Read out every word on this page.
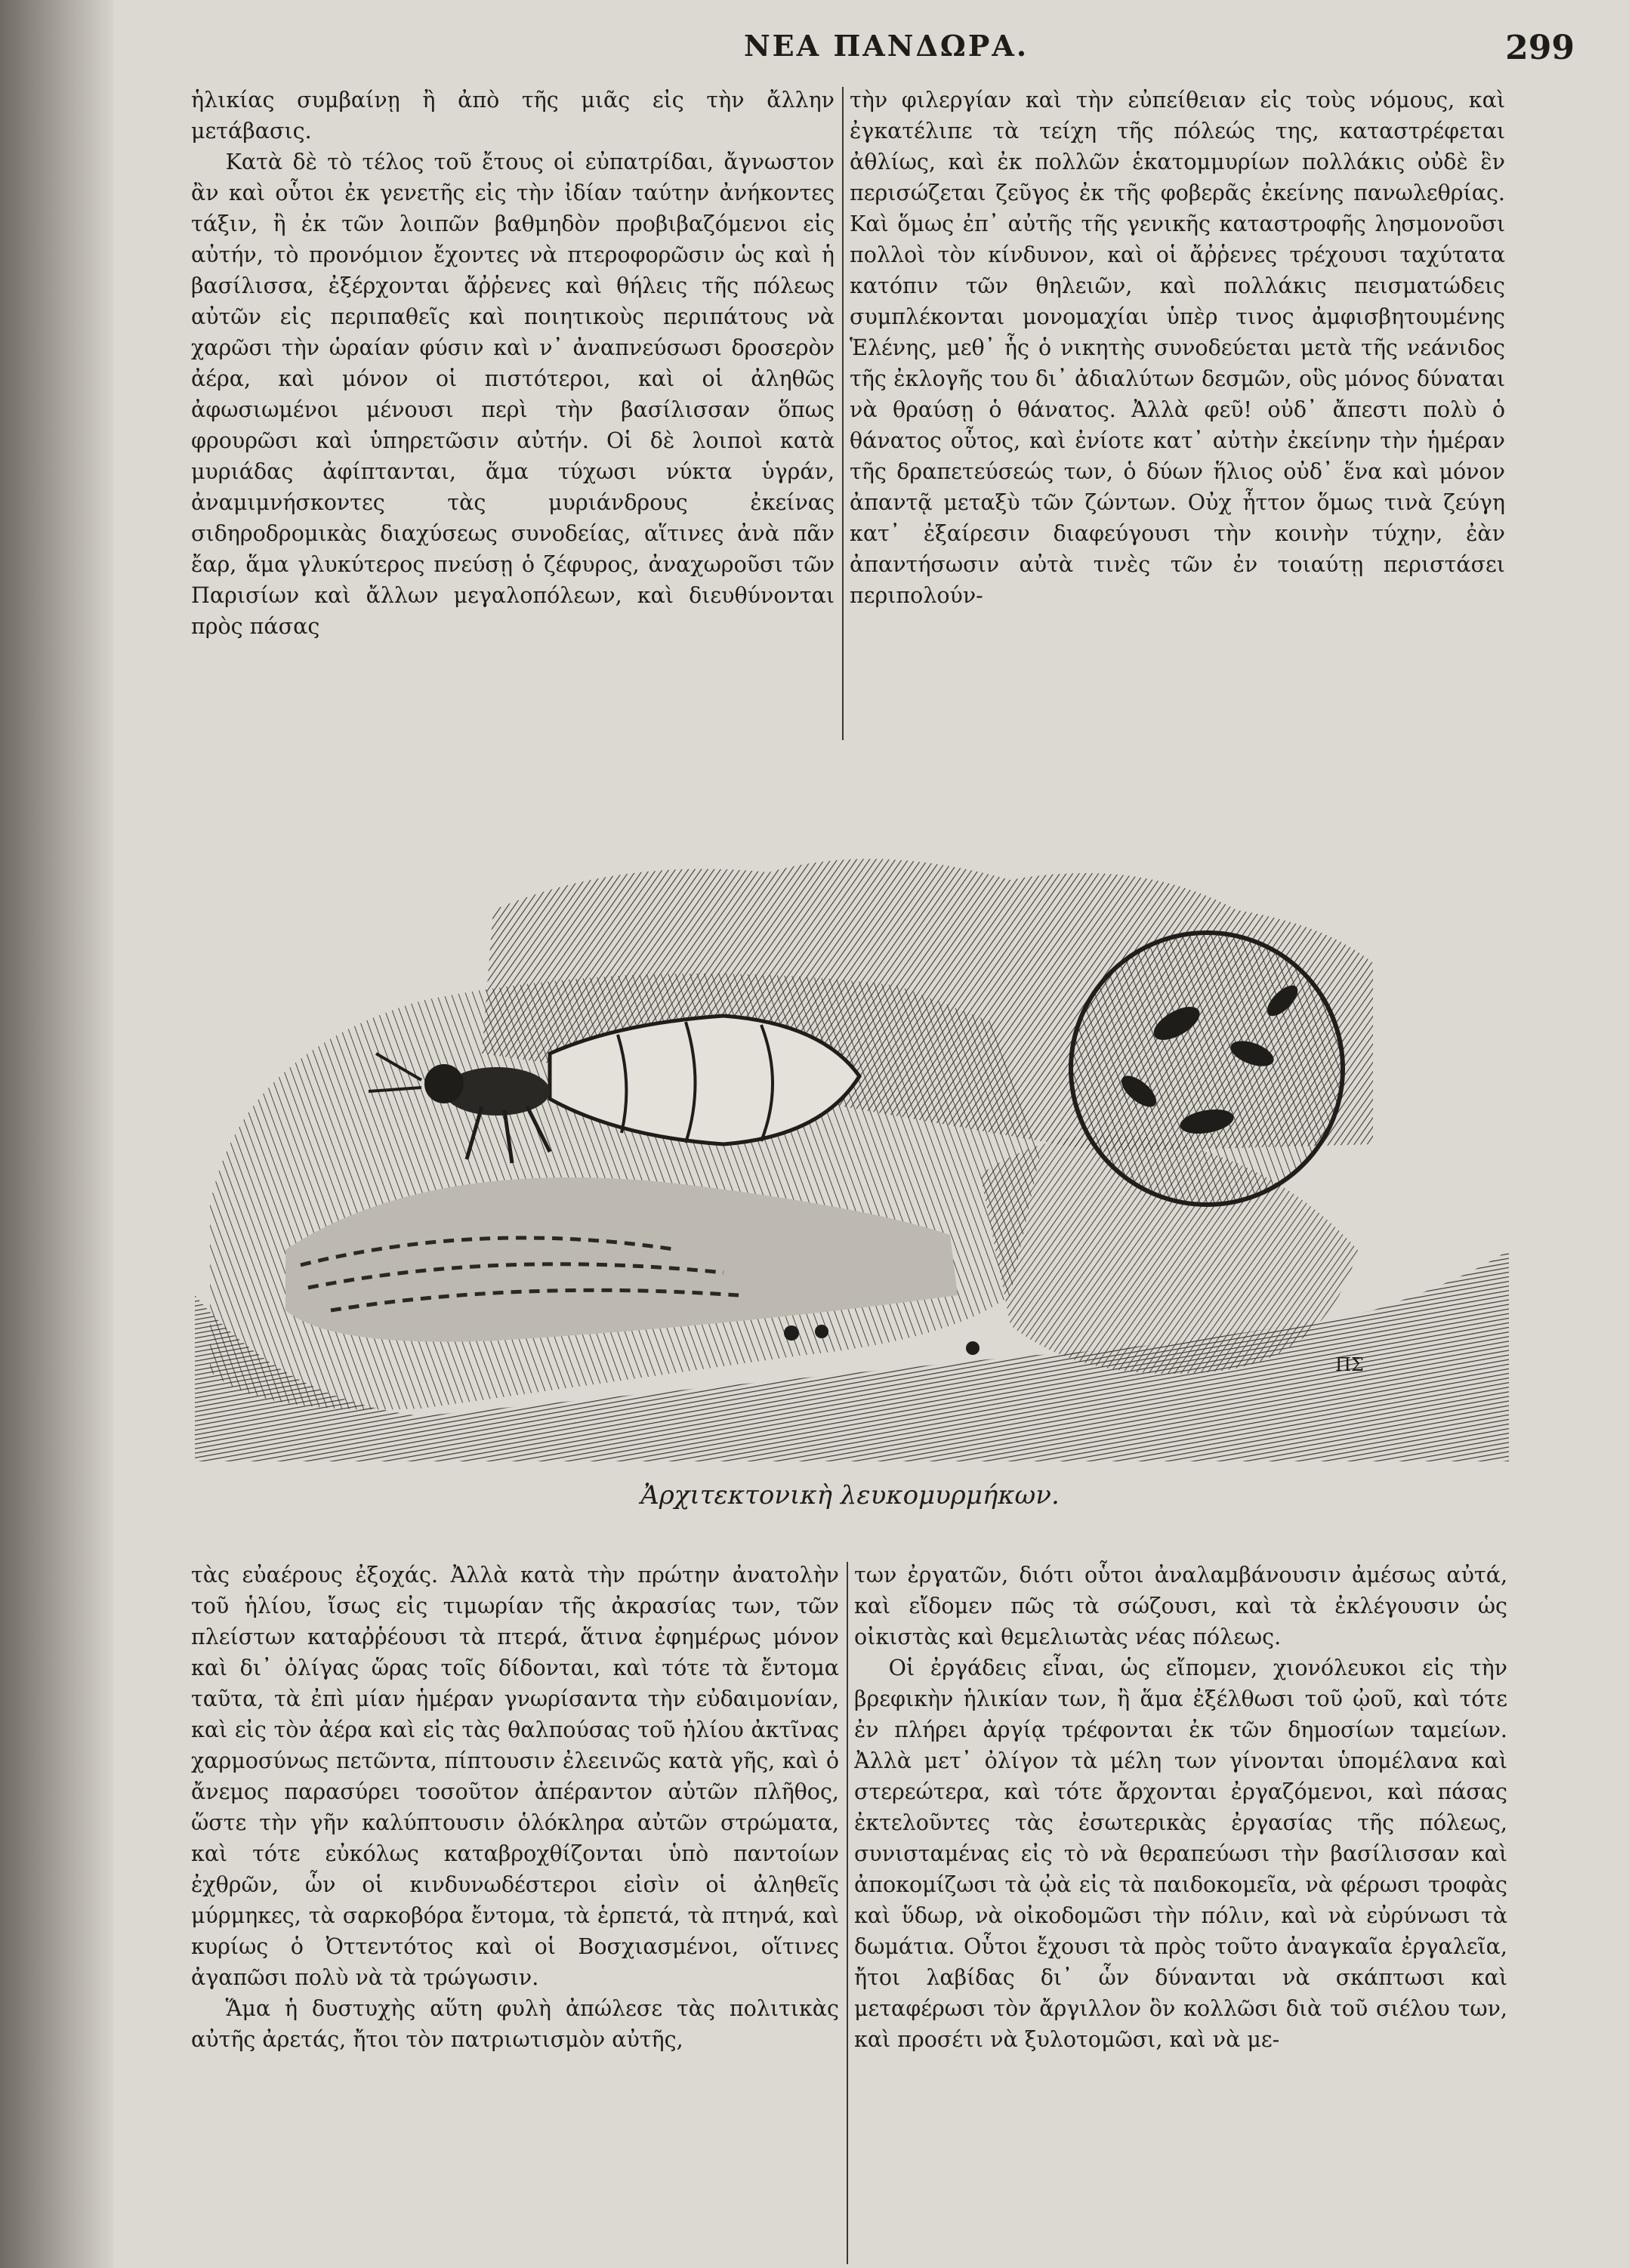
ΝΕΑ ΠΑΝΔΩΡΑ.	299

ἡλικίας συμβαίνῃ ἢ ἀπὸ τῆς μιᾶς εἰς τὴν ἄλλην μετάβασις.

Κατὰ δὲ τὸ τέλος τοῦ ἔτους οἱ εὐπατρίδαι, ἄγνωστον ἂν καὶ οὗτοι ἐκ γενετῆς εἰς τὴν ἰδίαν ταύτην ἀνήκοντες τάξιν, ἢ ἐκ τῶν λοιπῶν βαθμηδὸν προβιβαζόμενοι εἰς αὐτήν, τὸ προνόμιον ἔχοντες νὰ πτεροφορῶσιν ὡς καὶ ἡ βασίλισσα, ἐξέρχονται ἄῤῥενες καὶ θήλεις τῆς πόλεως αὐτῶν εἰς περιπαθεῖς καὶ ποιητικοὺς περιπάτους νὰ χαρῶσι τὴν ὡραίαν φύσιν καὶ ν᾽ ἀναπνεύσωσι δροσερὸν ἀέρα, καὶ μόνον οἱ πιστότεροι, καὶ οἱ ἀληθῶς ἀφωσιωμένοι μένουσι περὶ τὴν βασίλισσαν ὅπως φρουρῶσι καὶ ὑπηρετῶσιν αὐτήν. Οἱ δὲ λοιποὶ κατὰ μυριάδας ἀφίπτανται, ἅμα τύχωσι νύκτα ὑγράν, ἀναμιμνήσκοντες τὰς μυριάνδρους ἐκείνας σιδηροδρομικὰς διαχύσεως συνοδείας, αἵτινες ἀνὰ πᾶν ἔαρ, ἅμα γλυκύτερος πνεύσῃ ὁ ζέφυρος, ἀναχωροῦσι τῶν Παρισίων καὶ ἄλλων μεγαλοπόλεων, καὶ διευθύνονται πρὸς πάσας

τὴν φιλεργίαν καὶ τὴν εὐπείθειαν εἰς τοὺς νόμους, καὶ ἐγκατέλιπε τὰ τείχη τῆς πόλεώς της, καταστρέφεται ἀθλίως, καὶ ἐκ πολλῶν ἑκατομμυρίων πολλάκις οὐδὲ ἓν περισώζεται ζεῦγος ἐκ τῆς φοβερᾶς ἐκείνης πανωλεθρίας. Καὶ ὅμως ἐπ᾽ αὐτῆς τῆς γενικῆς καταστροφῆς λησμονοῦσι πολλοὶ τὸν κίνδυνον, καὶ οἱ ἄῤῥενες τρέχουσι ταχύτατα κατόπιν τῶν θηλειῶν, καὶ πολλάκις πεισματώδεις συμπλέκονται μονομαχίαι ὑπὲρ τινος ἀμφισβητουμένης Ἑλένης, μεθ᾽ ἧς ὁ νικητὴς συνοδεύεται μετὰ τῆς νεάνιδος τῆς ἐκλογῆς του δι᾽ ἀδιαλύτων δεσμῶν, οὓς μόνος δύναται νὰ θραύσῃ ὁ θάνατος. Ἀλλὰ φεῦ! οὐδ᾽ ἄπεστι πολὺ ὁ θάνατος οὗτος, καὶ ἐνίοτε κατ᾽ αὐτὴν ἐκείνην τὴν ἡμέραν τῆς δραπετεύσεώς των, ὁ δύων ἥλιος οὐδ᾽ ἕνα καὶ μόνον ἀπαντᾷ μεταξὺ τῶν ζώντων. Οὐχ ἧττον ὅμως τινὰ ζεύγη κατ᾽ ἐξαίρεσιν διαφεύγουσι τὴν κοινὴν τύχην, ἐὰν ἀπαντήσωσιν αὐτὰ τινὲς τῶν ἐν τοιαύτῃ περιστάσει περιπολούν-

ΠΣ
Ἀρχιτεκτονικὴ λευκομυρμήκων.

τὰς εὐαέρους ἐξοχάς. Ἀλλὰ κατὰ τὴν πρώτην ἀνατολὴν τοῦ ἡλίου, ἴσως εἰς τιμωρίαν τῆς ἀκρασίας των, τῶν πλείστων καταῤῥέουσι τὰ πτερά, ἅτινα ἐφημέρως μόνον καὶ δι᾽ ὀλίγας ὥρας τοῖς δίδονται, καὶ τότε τὰ ἔντομα ταῦτα, τὰ ἐπὶ μίαν ἡμέραν γνωρίσαντα τὴν εὐδαιμονίαν, καὶ εἰς τὸν ἀέρα καὶ εἰς τὰς θαλπούσας τοῦ ἡλίου ἀκτῖνας χαρμοσύνως πετῶντα, πίπτουσιν ἐλεεινῶς κατὰ γῆς, καὶ ὁ ἄνεμος παρασύρει τοσοῦτον ἀπέραντον αὐτῶν πλῆθος, ὥστε τὴν γῆν καλύπτουσιν ὁλόκληρα αὐτῶν στρώματα, καὶ τότε εὐκόλως καταβροχθίζονται ὑπὸ παντοίων ἐχθρῶν, ὧν οἱ κινδυνωδέστεροι εἰσὶν οἱ ἀληθεῖς μύρμηκες, τὰ σαρκοβόρα ἔντομα, τὰ ἑρπετά, τὰ πτηνά, καὶ κυρίως ὁ Ὀττεντότος καὶ οἱ Βοσχιασμένοι, οἵτινες ἀγαπῶσι πολὺ νὰ τὰ τρώγωσιν.

Ἅμα ἡ δυστυχὴς αὕτη φυλὴ ἀπώλεσε τὰς πολιτικὰς αὐτῆς ἀρετάς, ἤτοι τὸν πατριωτισμὸν αὐτῆς,

των ἐργατῶν, διότι οὗτοι ἀναλαμβάνουσιν ἀμέσως αὐτά, καὶ εἴδομεν πῶς τὰ σώζουσι, καὶ τὰ ἐκλέγουσιν ὡς οἰκιστὰς καὶ θεμελιωτὰς νέας πόλεως.

Οἱ ἐργάδεις εἶναι, ὡς εἴπομεν, χιονόλευκοι εἰς τὴν βρεφικὴν ἡλικίαν των, ἢ ἅμα ἐξέλθωσι τοῦ ᾠοῦ, καὶ τότε ἐν πλήρει ἀργίᾳ τρέφονται ἐκ τῶν δημοσίων ταμείων. Ἀλλὰ μετ᾽ ὀλίγον τὰ μέλη των γίνονται ὑπομέλανα καὶ στερεώτερα, καὶ τότε ἄρχονται ἐργαζόμενοι, καὶ πάσας ἐκτελοῦντες τὰς ἐσωτερικὰς ἐργασίας τῆς πόλεως, συνισταμένας εἰς τὸ νὰ θεραπεύωσι τὴν βασίλισσαν καὶ ἀποκομίζωσι τὰ ᾠὰ εἰς τὰ παιδοκομεῖα, νὰ φέρωσι τροφὰς καὶ ὕδωρ, νὰ οἰκοδομῶσι τὴν πόλιν, καὶ νὰ εὐρύνωσι τὰ δωμάτια. Οὗτοι ἔχουσι τὰ πρὸς τοῦτο ἀναγκαῖα ἐργαλεῖα, ἤτοι λαβίδας δι᾽ ὧν δύνανται νὰ σκάπτωσι καὶ μεταφέρωσι τὸν ἄργιλλον ὃν κολλῶσι διὰ τοῦ σιέλου των, καὶ προσέτι νὰ ξυλοτομῶσι, καὶ νὰ με-
